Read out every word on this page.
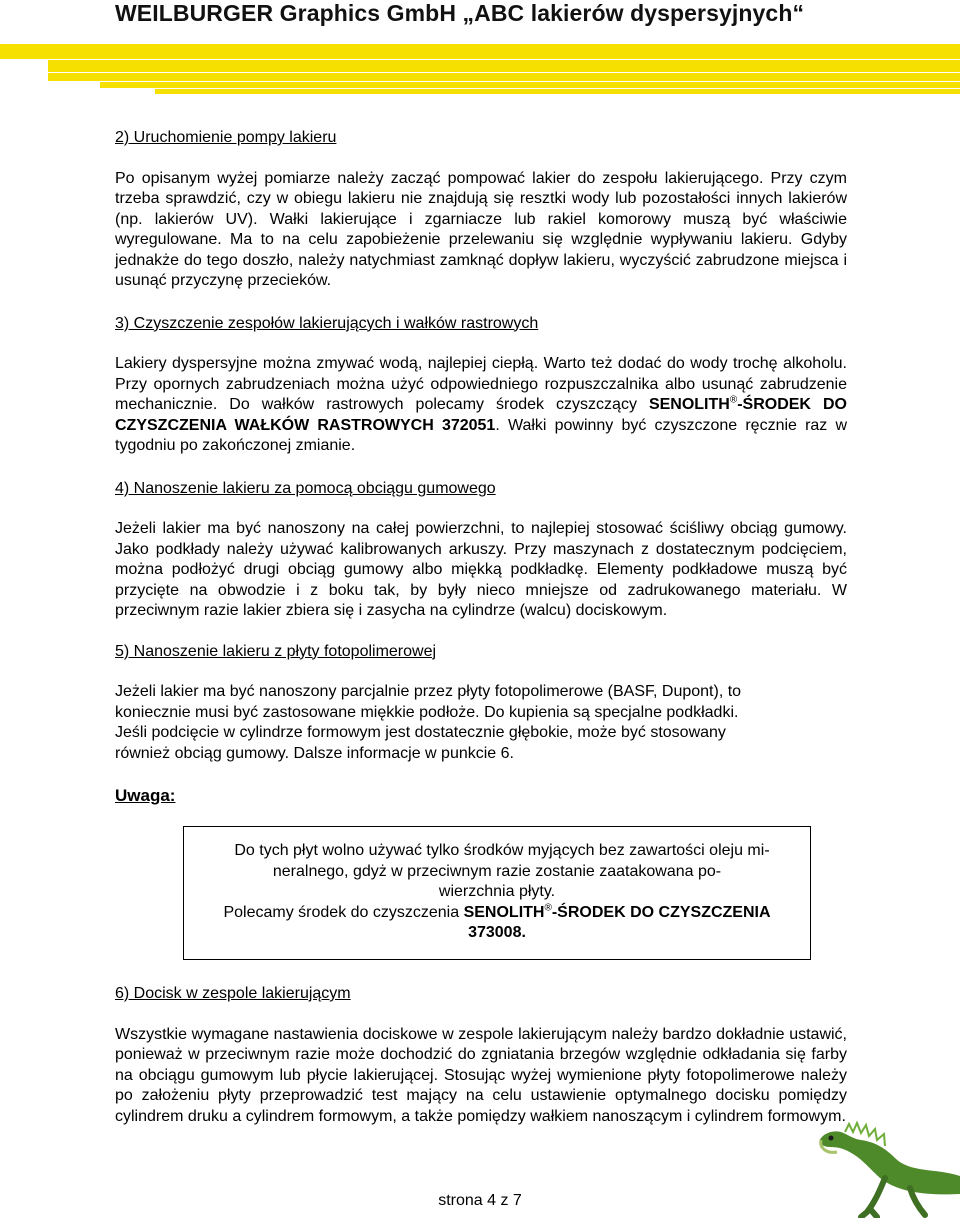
WEILBURGER Graphics GmbH „ABC lakierów dyspersyjnych“

2) Uruchomienie pompy lakieru

Po opisanym wyżej pomiarze należy zacząć pompować lakier do zespołu lakierującego. Przy czym trzeba sprawdzić, czy w obiegu lakieru nie znajdują się resztki wody lub pozostałości innych lakierów (np. lakierów UV). Wałki lakierujące i zgarniacze lub rakiel komorowy muszą być właściwie wyregulowane. Ma to na celu zapobieżenie przelewaniu się względnie wypływaniu lakieru. Gdyby jednakże do tego doszło, należy natychmiast zamknąć dopływ lakieru, wyczyścić zabrudzone miejsca i usunąć przyczynę przecieków.

3) Czyszczenie zespołów lakierujących i wałków rastrowych

Lakiery dyspersyjne można zmywać wodą, najlepiej ciepłą. Warto też dodać do wody trochę alkoholu. Przy opornych zabrudzeniach można użyć odpowiedniego rozpuszczalnika albo usunąć zabrudzenie mechanicznie. Do wałków rastrowych polecamy środek czyszczący SENOLITH®-ŚRODEK DO CZYSZCZENIA WAŁKÓW RASTROWYCH 372051. Wałki powinny być czyszczone ręcznie raz w tygodniu po zakończonej zmianie.

4) Nanoszenie lakieru za pomocą obciągu gumowego

Jeżeli lakier ma być nanoszony na całej powierzchni, to najlepiej stosować ściśliwy obciąg gumowy. Jako podkłady należy używać kalibrowanych arkuszy. Przy maszynach z dostatecznym podcięciem, można podłożyć drugi obciąg gumowy albo miękką podkładkę. Elementy podkładowe muszą być przycięte na obwodzie i z boku tak, by były nieco mniejsze od zadrukowanego materiału. W przeciwnym razie lakier zbiera się i zasycha na cylindrze (walcu) dociskowym.

5) Nanoszenie lakieru z płyty fotopolimerowej

Jeżeli lakier ma być nanoszony parcjalnie przez płyty fotopolimerowe (BASF, Dupont), to

koniecznie musi być zastosowane miękkie podłoże. Do kupienia są specjalne podkładki.

Jeśli podcięcie w cylindrze formowym jest dostatecznie głębokie, może być stosowany

również obciąg gumowy. Dalsze informacje w punkcie 6.

Uwaga:

Do tych płyt wolno używać tylko środków myjących bez zawartości oleju mi-

neralnego, gdyż w przeciwnym razie zostanie zaatakowana po-

wierzchnia płyty.

Polecamy środek do czyszczenia SENOLITH®-ŚRODEK DO CZYSZCZENIA

373008.

6) Docisk w zespole lakierującym

Wszystkie wymagane nastawienia dociskowe w zespole lakierującym należy bardzo dokładnie ustawić, ponieważ w przeciwnym razie może dochodzić do zgniatania brzegów względnie odkładania się farby na obciągu gumowym lub płycie lakierującej. Stosując wyżej wymienione płyty fotopolimerowe należy po założeniu płyty przeprowadzić test mający na celu ustawienie optymalnego docisku pomiędzy cylindrem druku a cylindrem formowym, a także pomiędzy wałkiem nanoszącym i cylindrem formowym.

strona 4 z 7
